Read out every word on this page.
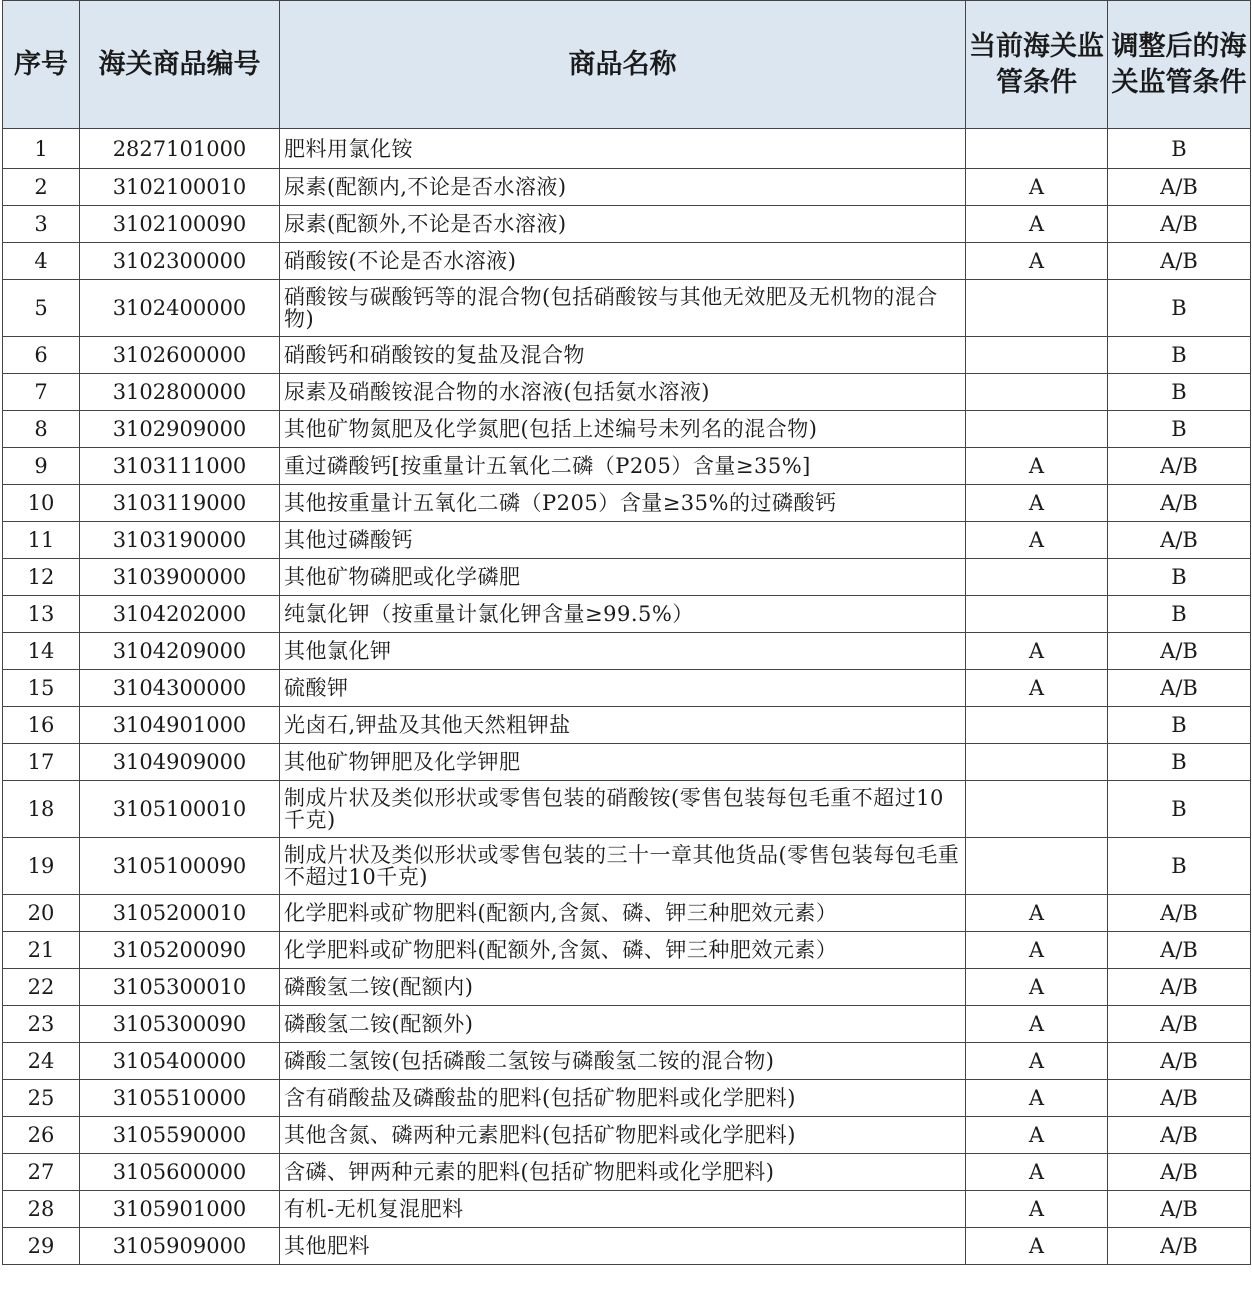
序号	海关商品编号	商品名称	当前海关监管条件	调整后的海关监管条件
1	2827101000	肥料用氯化铵		B
2	3102100010	尿素(配额内,不论是否水溶液)	A	A/B
3	3102100090	尿素(配额外,不论是否水溶液)	A	A/B
4	3102300000	硝酸铵(不论是否水溶液)	A	A/B
5	3102400000	硝酸铵与碳酸钙等的混合物(包括硝酸铵与其他无效肥及无机物的混合物)		B
6	3102600000	硝酸钙和硝酸铵的复盐及混合物		B
7	3102800000	尿素及硝酸铵混合物的水溶液(包括氨水溶液)		B
8	3102909000	其他矿物氮肥及化学氮肥(包括上述编号未列名的混合物)		B
9	3103111000	重过磷酸钙[按重量计五氧化二磷（P205）含量≥35%]	A	A/B
10	3103119000	其他按重量计五氧化二磷（P205）含量≥35%的过磷酸钙	A	A/B
11	3103190000	其他过磷酸钙	A	A/B
12	3103900000	其他矿物磷肥或化学磷肥		B
13	3104202000	纯氯化钾（按重量计氯化钾含量≥99.5%）		B
14	3104209000	其他氯化钾	A	A/B
15	3104300000	硫酸钾	A	A/B
16	3104901000	光卤石,钾盐及其他天然粗钾盐		B
17	3104909000	其他矿物钾肥及化学钾肥		B
18	3105100010	制成片状及类似形状或零售包装的硝酸铵(零售包装每包毛重不超过10千克)		B
19	3105100090	制成片状及类似形状或零售包装的三十一章其他货品(零售包装每包毛重不超过10千克)		B
20	3105200010	化学肥料或矿物肥料(配额内,含氮、磷、钾三种肥效元素）	A	A/B
21	3105200090	化学肥料或矿物肥料(配额外,含氮、磷、钾三种肥效元素）	A	A/B
22	3105300010	磷酸氢二铵(配额内)	A	A/B
23	3105300090	磷酸氢二铵(配额外)	A	A/B
24	3105400000	磷酸二氢铵(包括磷酸二氢铵与磷酸氢二铵的混合物)	A	A/B
25	3105510000	含有硝酸盐及磷酸盐的肥料(包括矿物肥料或化学肥料)	A	A/B
26	3105590000	其他含氮、磷两种元素肥料(包括矿物肥料或化学肥料)	A	A/B
27	3105600000	含磷、钾两种元素的肥料(包括矿物肥料或化学肥料)	A	A/B
28	3105901000	有机-无机复混肥料	A	A/B
29	3105909000	其他肥料	A	A/B
